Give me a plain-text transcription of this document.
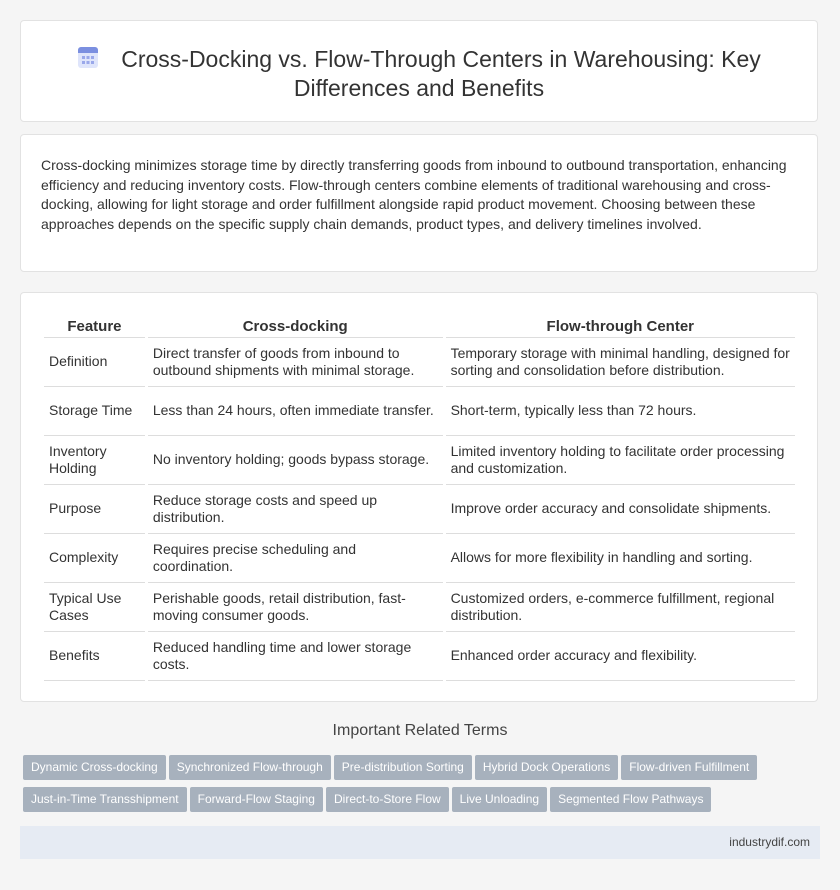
Cross-Docking vs. Flow-Through Centers in Warehousing: Key
Differences and Benefits

Cross-docking minimizes storage time by directly transferring goods from inbound to outbound transportation, enhancing efficiency and reducing inventory costs. Flow-through centers combine elements of traditional warehousing and cross-docking, allowing for light storage and order fulfillment alongside rapid product movement. Choosing between these approaches depends on the specific supply chain demands, product types, and delivery timelines involved.

Feature	Cross-docking	Flow-through Center
Definition	Direct transfer of goods from inbound to outbound shipments with minimal storage.	Temporary storage with minimal handling, designed for sorting and consolidation before distribution.
Storage Time	Less than 24 hours, often immediate transfer.	Short-term, typically less than 72 hours.
Inventory Holding	No inventory holding; goods bypass storage.	Limited inventory holding to facilitate order processing and customization.
Purpose	Reduce storage costs and speed up distribution.	Improve order accuracy and consolidate shipments.
Complexity	Requires precise scheduling and coordination.	Allows for more flexibility in handling and sorting.
Typical Use Cases	Perishable goods, retail distribution, fast-moving consumer goods.	Customized orders, e-commerce fulfillment, regional distribution.
Benefits	Reduced handling time and lower storage costs.	Enhanced order accuracy and flexibility.
Important Related Terms
Dynamic Cross-docking Synchronized Flow-through Pre-distribution Sorting Hybrid Dock Operations Flow-driven Fulfillment
Just-in-Time Transshipment Forward-Flow Staging Direct-to-Store Flow Live Unloading Segmented Flow Pathways
industrydif.com
